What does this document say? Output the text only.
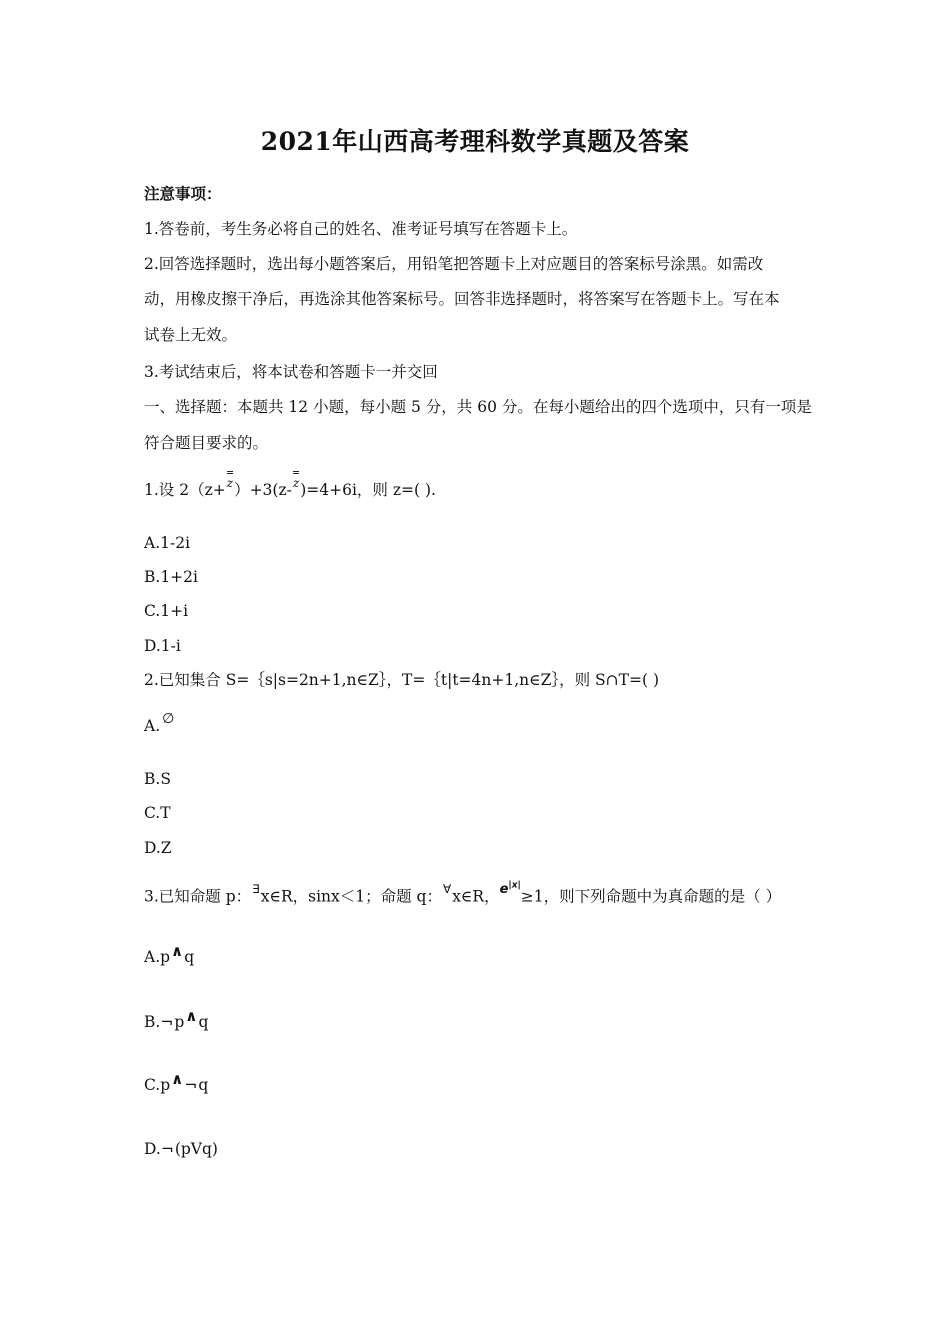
2021年山西高考理科数学真题及答案
注意事项：
1.答卷前，考生务必将自己的姓名、准考证号填写在答题卡上。
2.回答选择题时，选出每小题答案后，用铅笔把答题卡上对应题目的答案标号涂黑。如需改
动，用橡皮擦干净后，再选涂其他答案标号。回答非选择题时，将答案写在答题卡上。写在本
试卷上无效。
3.考试结束后，将本试卷和答题卡一并交回
一、选择题：本题共 12 小题，每小题 5 分，共 60 分。在每小题给出的四个选项中，只有一项是
符合题目要求的。
1.设 2（z+z）+3(z-z)=4+6i，则 z=( ).
A.1-2i
B.1+2i
C.1+i
D.1-i
2.已知集合 S=｛s|s=2n+1,n∈Z｝，T=｛t|t=4n+1,n∈Z｝，则 S∩T=( )
A. ∅
B.S
C.T
D.Z
3.已知命题 p：∃x∈R，sinx＜1；命题 q：∀x∈R，$^{e^{|x|}}$≥1，则下列命题中为真命题的是（ ）
A.p∧q
B.¬p∧q
C.p∧¬q
D.¬(pVq)
